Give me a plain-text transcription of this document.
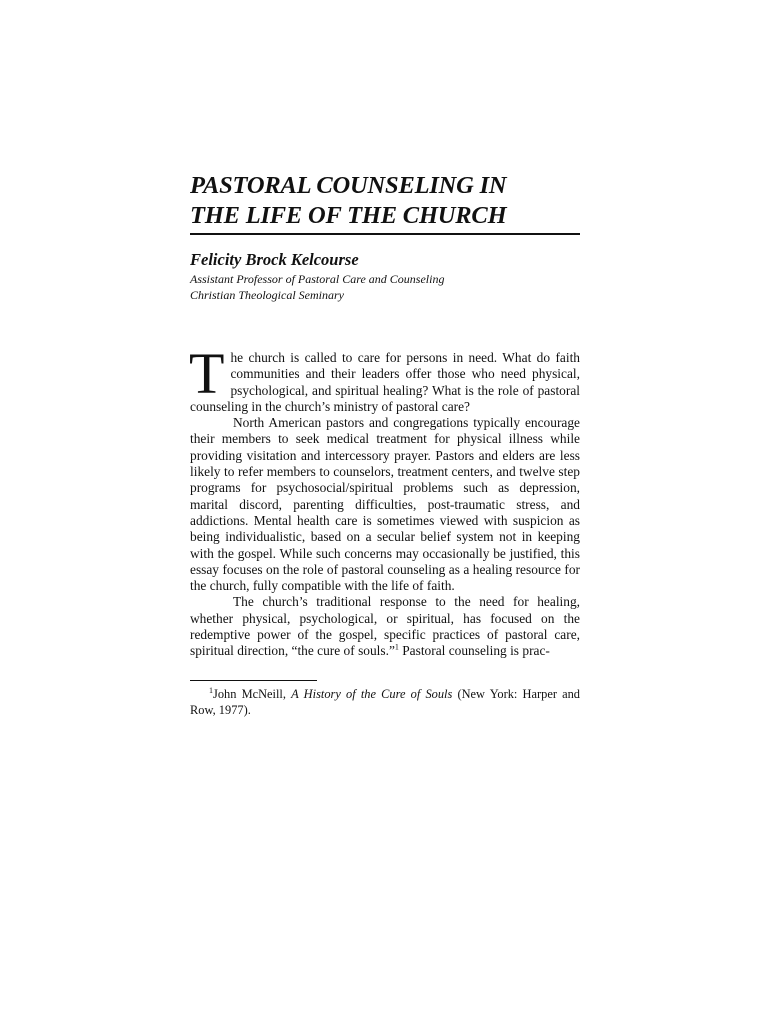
PASTORAL COUNSELING IN
THE LIFE OF THE CHURCH
Felicity Brock Kelcourse
Assistant Professor of Pastoral Care and Counseling
Christian Theological Seminary

The church is called to care for persons in need. What do faith communities and their leaders offer those who need physical, psychological, and spiritual healing? What is the role of pastoral counseling in the church’s ministry of pastoral care?

North American pastors and congregations typically encourage their members to seek medical treatment for physical illness while providing visitation and intercessory prayer. Pastors and elders are less likely to refer members to counselors, treatment centers, and twelve step programs for psychosocial/spiritual problems such as depression, marital discord, parenting difficulties, post-traumatic stress, and addictions. Mental health care is sometimes viewed with suspicion as being individualistic, based on a secular belief system not in keeping with the gospel. While such concerns may occasionally be justified, this essay focuses on the role of pastoral counseling as a healing resource for the church, fully compatible with the life of faith.

The church’s traditional response to the need for healing, whether physical, psychological, or spiritual, has focused on the redemptive power of the gospel, specific practices of pastoral care, spiritual direction, “the cure of souls.”$^1$ Pastoral counseling is prac-

$^1$John McNeill, A History of the Cure of Souls (New York: Harper and Row, 1977).
